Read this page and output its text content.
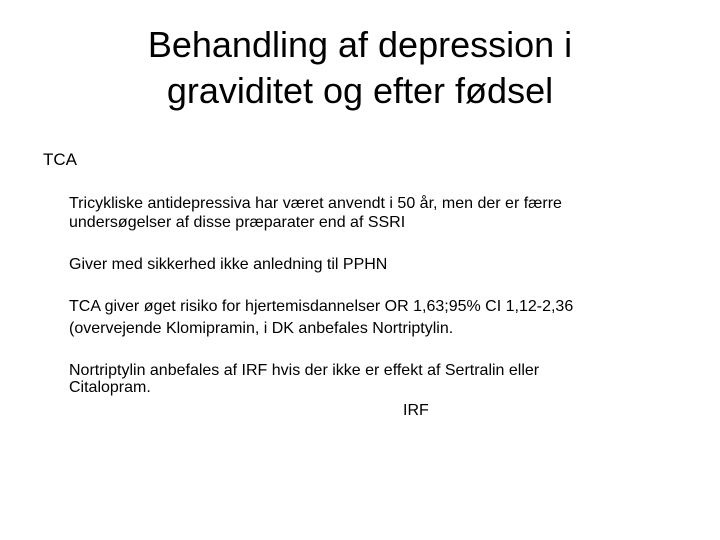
Behandling af depression i
graviditet og efter fødsel

TCA

Tricykliske antidepressiva har været anvendt i 50 år, men der er færre
undersøgelser af disse præparater end af SSRI
Giver med sikkerhed ikke anledning til PPHN
TCA giver øget risiko for hjertemisdannelser OR 1,63;95% CI 1,12-2,36
(overvejende Klomipramin, i DK anbefales Nortriptylin.
Nortriptylin anbefales af IRF hvis der ikke er effekt af Sertralin eller
Citalopram.

IRF
